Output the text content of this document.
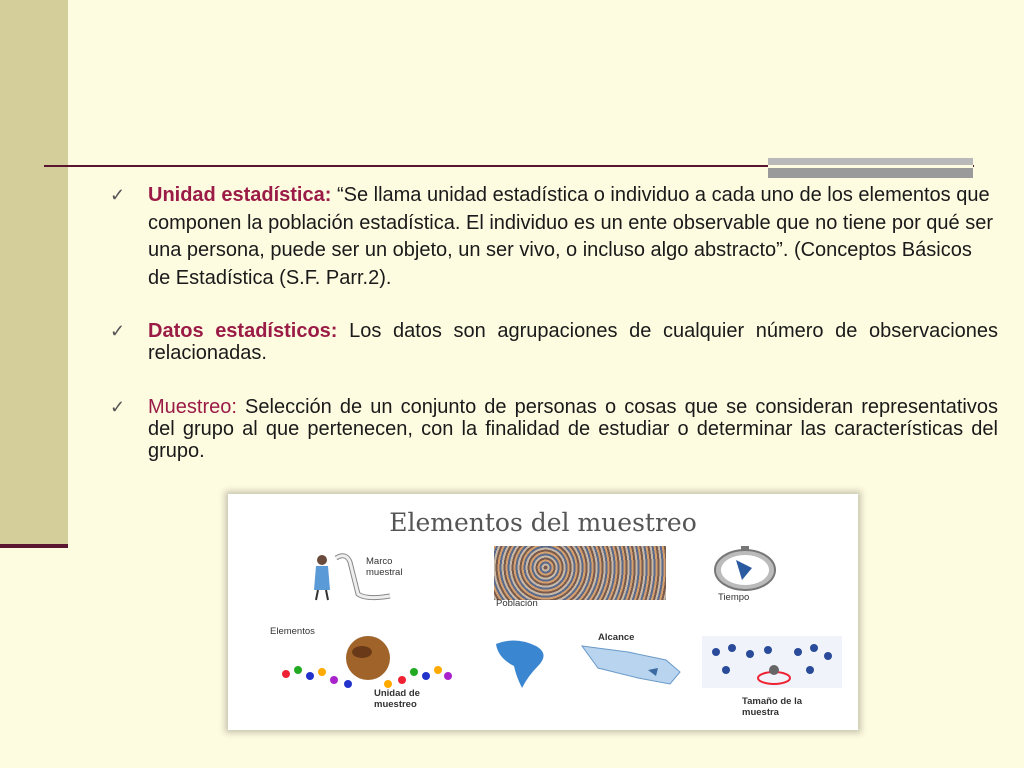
✓ Unidad estadística: “Se llama unidad estadística o individuo a cada uno de los elementos que componen la población estadística. El individuo es un ente observable que no tiene por qué ser una persona, puede ser un objeto, un ser vivo, o incluso algo abstracto”. (Conceptos Básicos de Estadística (S.F. Parr.2).
✓ Datos estadísticos: Los datos son agrupaciones de cualquier número de observaciones relacionadas.
✓ Muestreo: Selección de un conjunto de personas o cosas que se consideran representativos del grupo al que pertenecen, con la finalidad de estudiar o determinar las características del grupo.
Elementos del muestreo
Marco muestral
Población
Tiempo
Elementos
Unidad de muestreo
Alcance
Tamaño de la muestra
